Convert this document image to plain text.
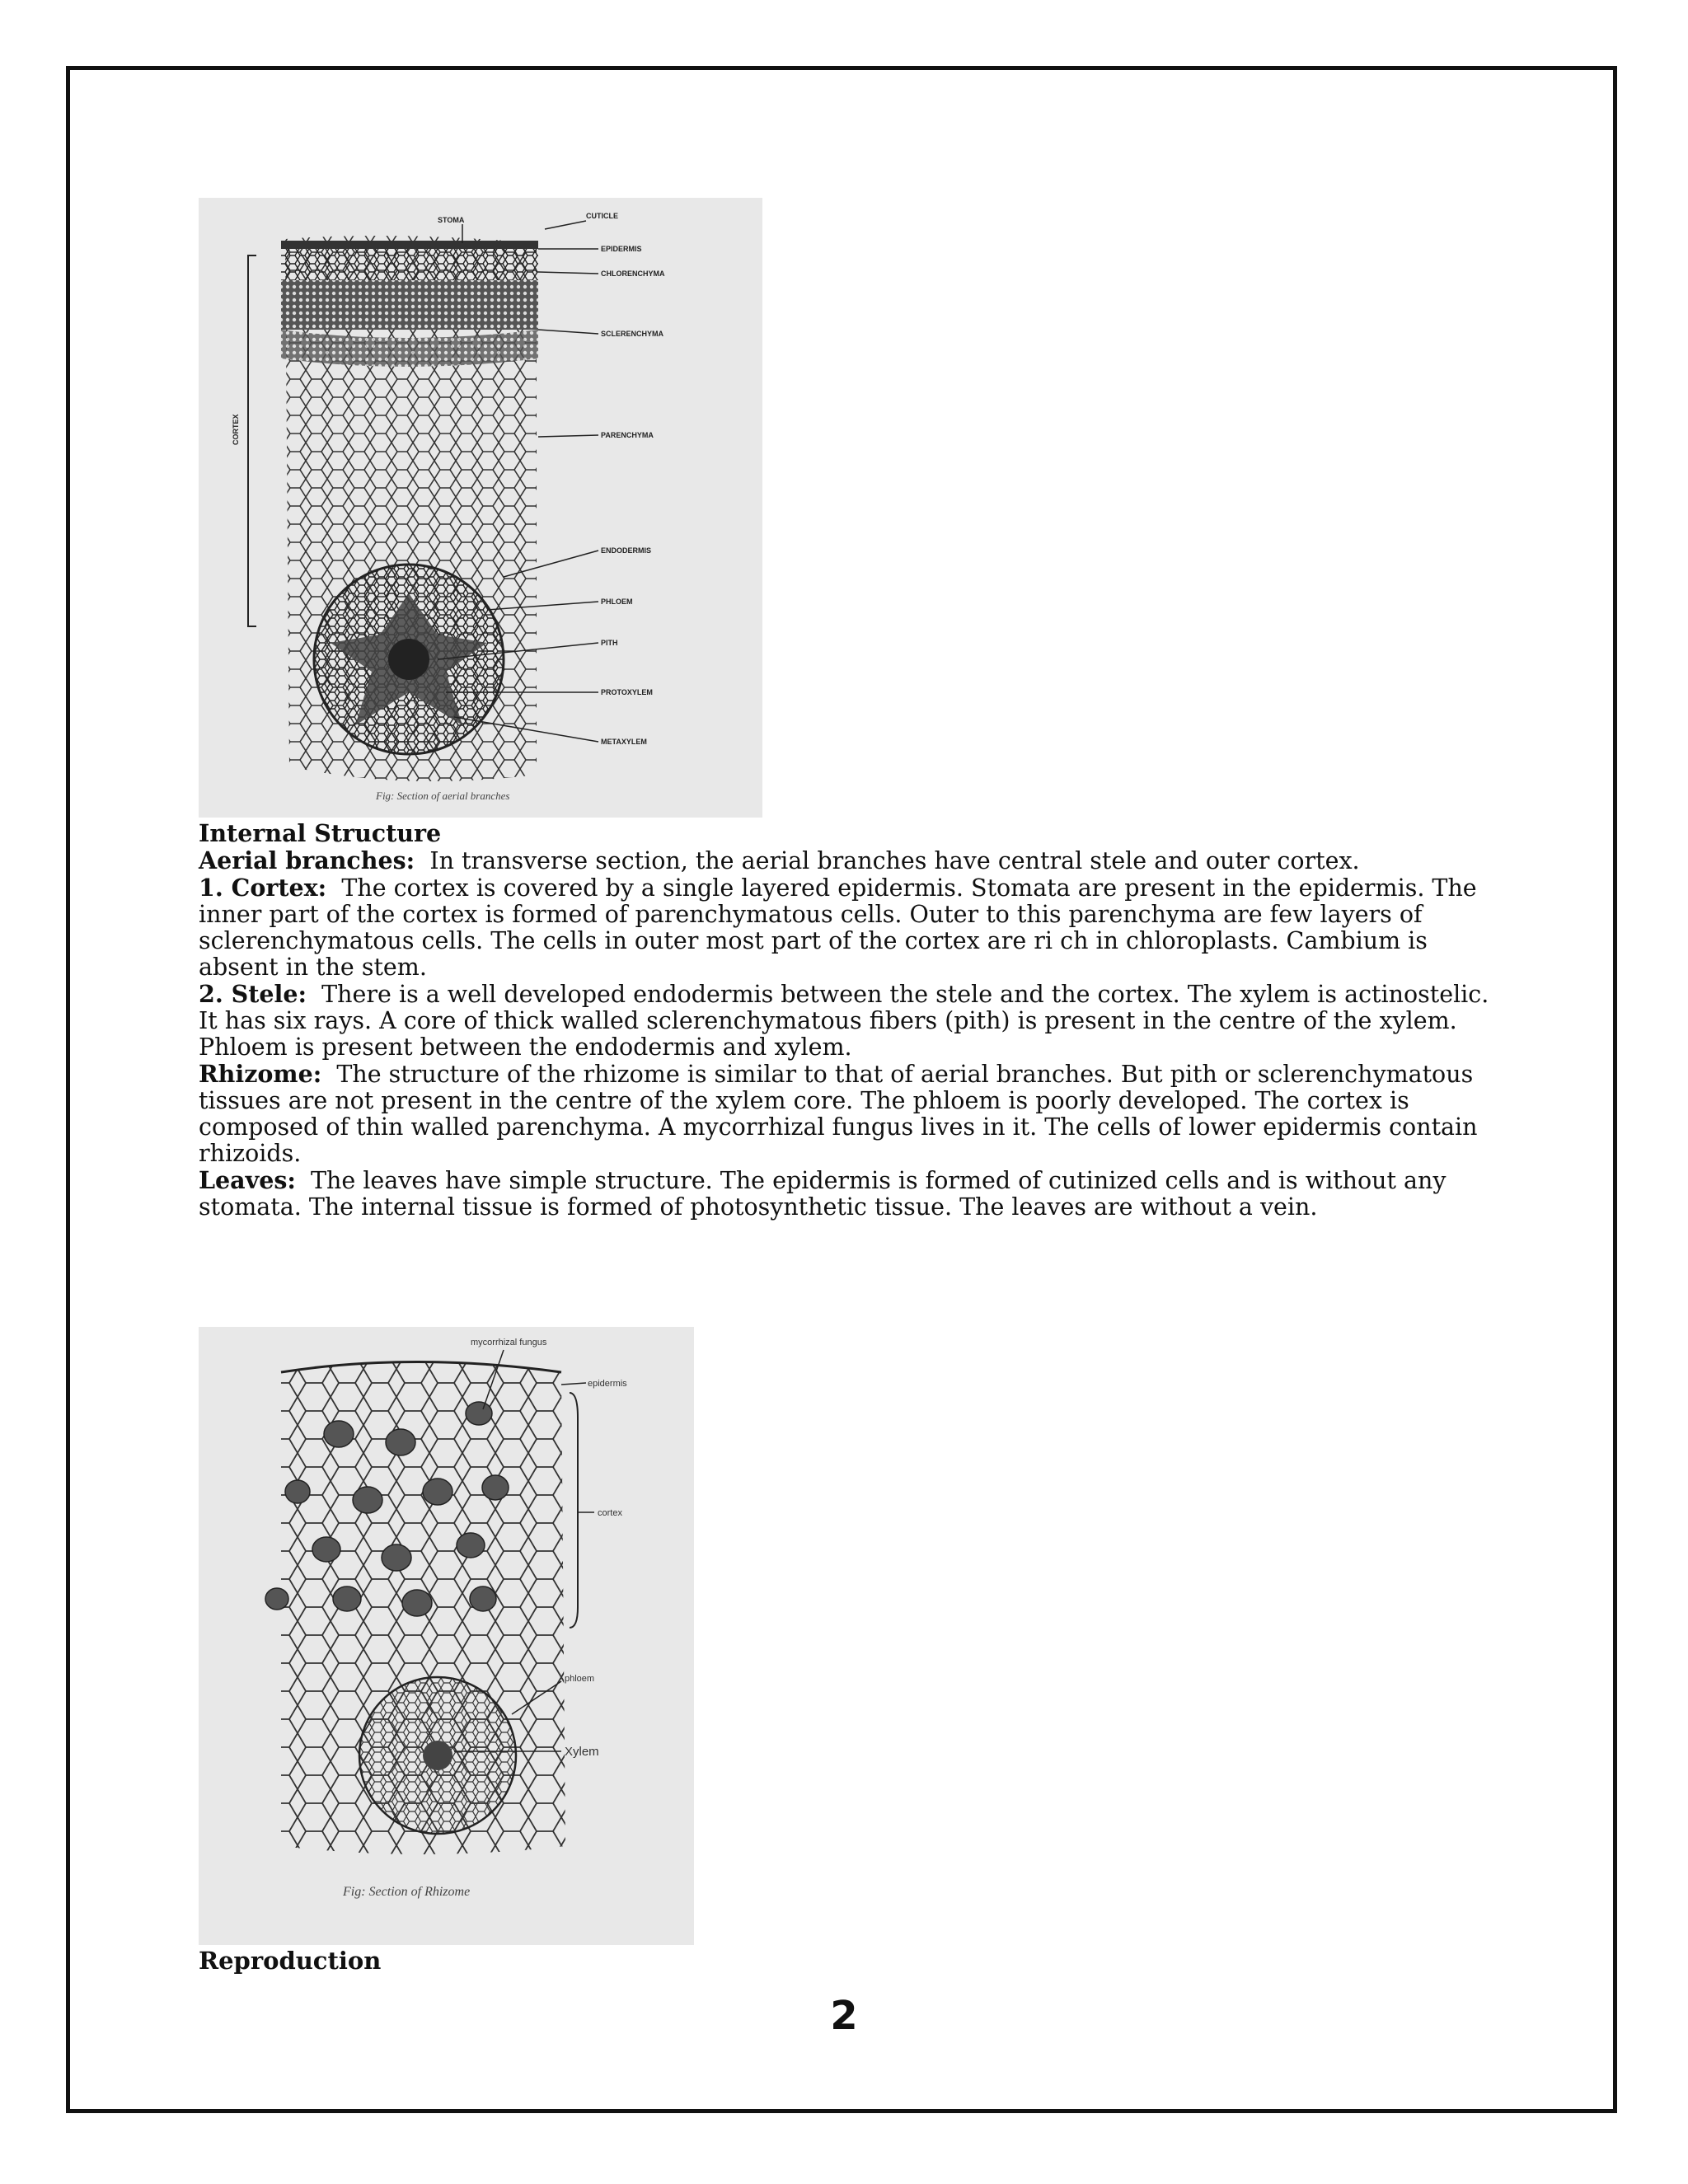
CORTEX
STOMA	CUTICLE
EPIDERMIS
CHLORENCHYMA
SCLERENCHYMA
PARENCHYMA
ENDODERMIS
PHLOEM
PITH
PROTOXYLEM
METAXYLEM
Fig: Section of aerial branches

Internal Structure

Aerial branches: In transverse section, the aerial branches have central stele and outer cortex.

1. Cortex: The cortex is covered by a single layered epidermis. Stomata are present in the epidermis. The inner part of the cortex is formed of parenchymatous cells. Outer to this parenchyma are few layers of sclerenchymatous cells. The cells in outer most part of the cortex are ri ch in chloroplasts. Cambium is absent in the stem.

2. Stele: There is a well developed endodermis between the stele and the cortex. The xylem is actinostelic. It has six rays. A core of thick walled sclerenchymatous fibers (pith) is present in the centre of the xylem. Phloem is present between the endodermis and xylem.

Rhizome: The structure of the rhizome is similar to that of aerial branches. But pith or sclerenchymatous tissues are not present in the centre of the xylem core. The phloem is poorly developed. The cortex is composed of thin walled parenchyma. A mycorrhizal fungus lives in it. The cells of lower epidermis contain rhizoids.

Leaves: The leaves have simple structure. The epidermis is formed of cutinized cells and is without any stomata. The internal tissue is formed of photosynthetic tissue. The leaves are without a vein.

mycorrhizal fungus
epidermis
cortex
phloem
Xylem
Fig: Section of Rhizome
Reproduction
2
